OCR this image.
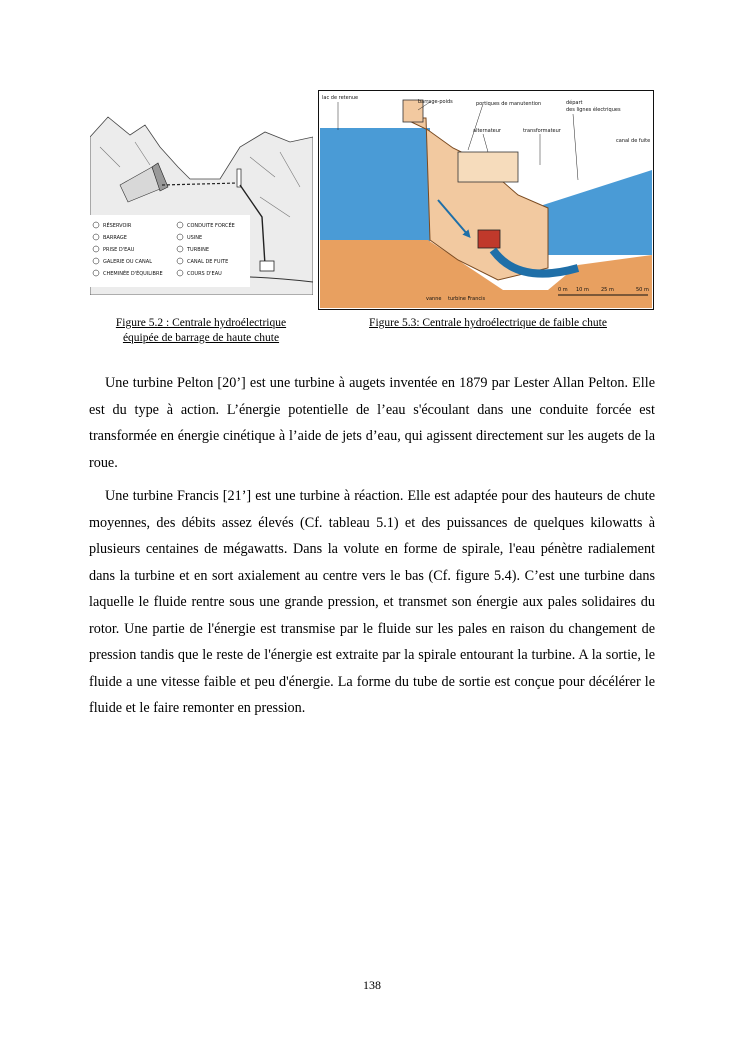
RÉSERVOIR
BARRAGE
PRISE D'EAU
GALERIE OU CANAL
CHEMINÉE D'ÉQUILIBRE
CONDUITE FORCÉE
USINE
TURBINE
CANAL DE FUITE
COURS D'EAU
lac de retenue
barrage-poids	portiques de manutention	départ
des lignes électriques
alternateur	transformateur
canal de fuite
vanne turbine Francis
0 m 10 m 25 m	50 m
Figure 5.2 : Centrale hydroélectrique
équipée de barrage de haute chute
Figure 5.3: Centrale hydroélectrique de faible chute

Une turbine Pelton [20’] est une turbine à augets inventée en 1879 par Lester Allan Pelton. Elle est du type à action. L’énergie potentielle de l’eau s'écoulant dans une conduite forcée est transformée en énergie cinétique à l’aide de jets d’eau, qui agissent directement sur les augets de la roue.

Une turbine Francis [21’] est une turbine à réaction. Elle est adaptée pour des hauteurs de chute moyennes, des débits assez élevés (Cf. tableau 5.1) et des puissances de quelques kilowatts à plusieurs centaines de mégawatts. Dans la volute en forme de spirale, l'eau pénètre radialement dans la turbine et en sort axialement au centre vers le bas (Cf. figure 5.4). C’est une turbine dans laquelle le fluide rentre sous une grande pression, et transmet son énergie aux pales solidaires du rotor. Une partie de l'énergie est transmise par le fluide sur les pales en raison du changement de pression tandis que le reste de l'énergie est extraite par la spirale entourant la turbine. A la sortie, le fluide a une vitesse faible et peu d'énergie. La forme du tube de sortie est conçue pour décélérer le fluide et le faire remonter en pression.

138
